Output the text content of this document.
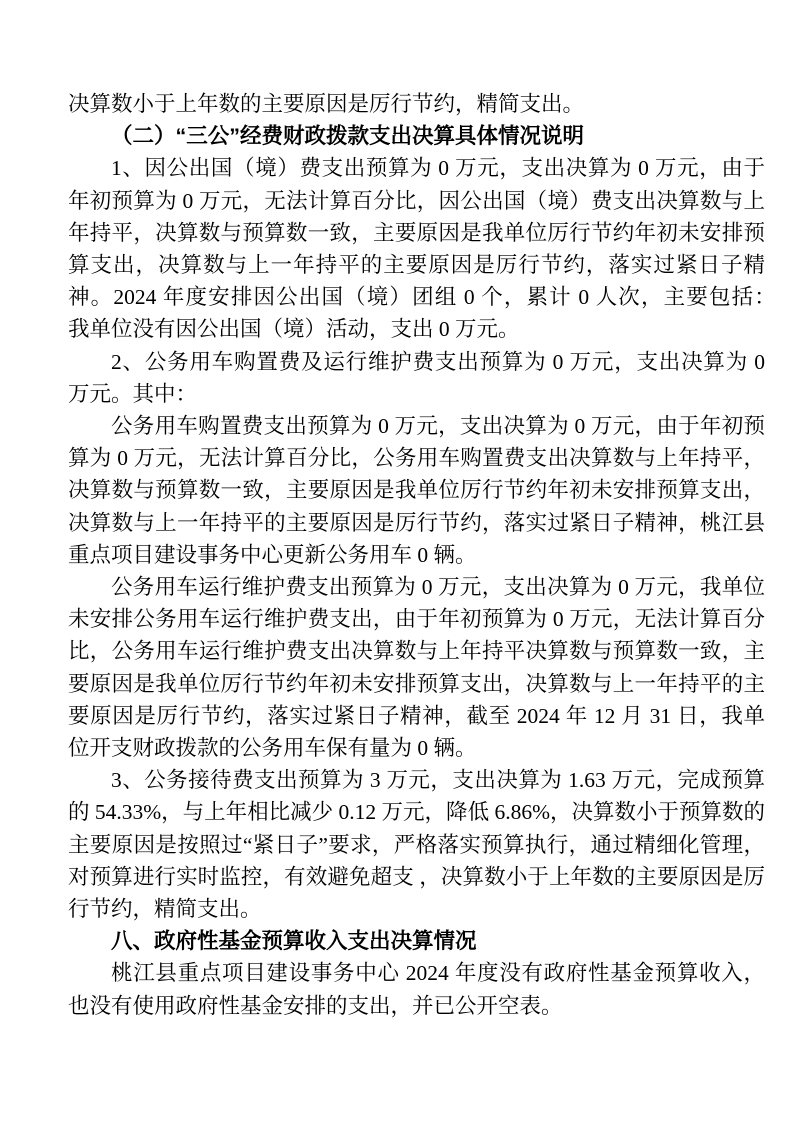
决算数小于上年数的主要原因是厉行节约，精简支出。

（二）“三公”经费财政拨款支出决算具体情况说明

1、因公出国（境）费支出预算为 0 万元，支出决算为 0 万元，由于年初预算为 0 万元，无法计算百分比，因公出国（境）费支出决算数与上年持平，决算数与预算数一致，主要原因是我单位厉行节约年初未安排预算支出，决算数与上一年持平的主要原因是厉行节约，落实过紧日子精神。2024 年度安排因公出国（境）团组 0 个，累计 0 人次，主要包括：　我单位没有因公出国（境）活动，支出 0 万元。

2、公务用车购置费及运行维护费支出预算为 0 万元，支出决算为 0 万元。其中：

公务用车购置费支出预算为 0 万元，支出决算为 0 万元，由于年初预算为 0 万元，无法计算百分比，公务用车购置费支出决算数与上年持平，决算数与预算数一致，主要原因是我单位厉行节约年初未安排预算支出，决算数与上一年持平的主要原因是厉行节约，落实过紧日子精神，桃江县重点项目建设事务中心更新公务用车 0 辆。

公务用车运行维护费支出预算为 0 万元，支出决算为 0 万元，我单位未安排公务用车运行维护费支出，由于年初预算为 0 万元，无法计算百分比，公务用车运行维护费支出决算数与上年持平决算数与预算数一致，主要原因是我单位厉行节约年初未安排预算支出，决算数与上一年持平的主要原因是厉行节约，落实过紧日子精神，截至 2024 年 12 月 31 日，我单位开支财政拨款的公务用车保有量为 0 辆。

3、公务接待费支出预算为 3 万元，支出决算为 1.63 万元，完成预算的 54.33%，与上年相比减少 0.12 万元，降低 6.86%，决算数小于预算数的主要原因是按照过“紧日子”要求，严格落实预算执行，通过精细化管理，对预算进行实时监控，有效避免超支 ，决算数小于上年数的主要原因是厉行节约，精简支出。

八、政府性基金预算收入支出决算情况

桃江县重点项目建设事务中心 2024 年度没有政府性基金预算收入，也没有使用政府性基金安排的支出，并已公开空表。
